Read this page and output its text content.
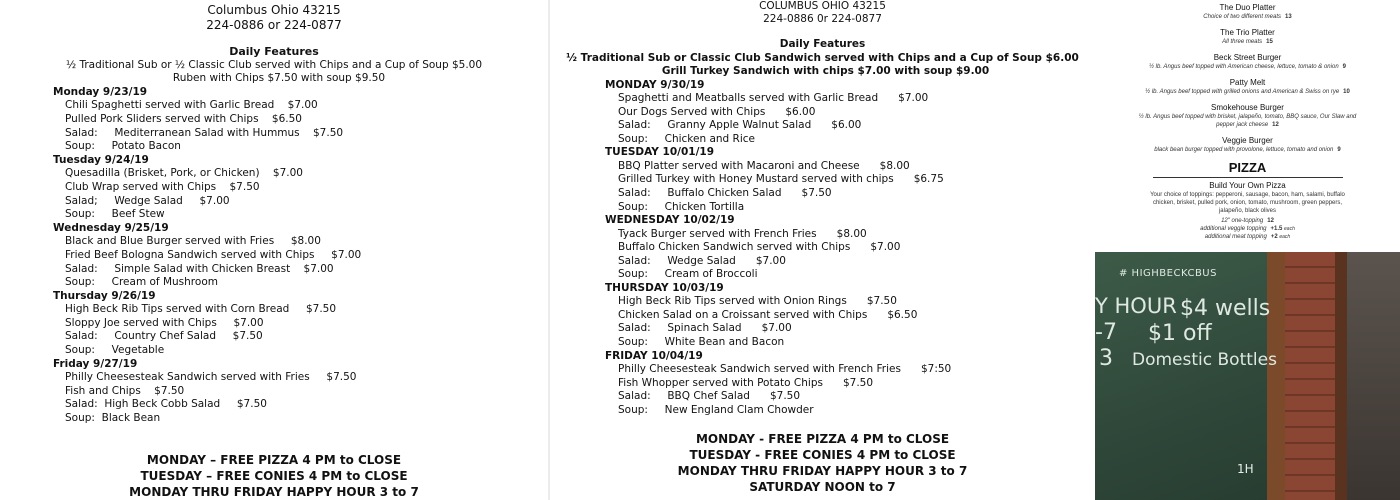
Columbus Ohio 43215
224-0886 or 224-0877
Daily Features
½ Traditional Sub or ½ Classic Club served with Chips and a Cup of Soup $5.00
Ruben with Chips $7.50 with soup $9.50
Monday 9/23/19
Chili Spaghetti served with Garlic Bread    $7.00
Pulled Pork Sliders served with Chips    $6.50
Salad:     Mediterranean Salad with Hummus    $7.50
Soup:     Potato Bacon
Tuesday 9/24/19
Quesadilla (Brisket, Pork, or Chicken)    $7.00
Club Wrap served with Chips    $7.50
Salad;     Wedge Salad     $7.00
Soup:     Beef Stew
Wednesday 9/25/19
Black and Blue Burger served with Fries     $8.00
Fried Beef Bologna Sandwich served with Chips     $7.00
Salad:     Simple Salad with Chicken Breast    $7.00
Soup:     Cream of Mushroom
Thursday 9/26/19
High Beck Rib Tips served with Corn Bread     $7.50
Sloppy Joe served with Chips     $7.00
Salad:     Country Chef Salad     $7.50
Soup:     Vegetable
Friday 9/27/19
Philly Cheesesteak Sandwich served with Fries     $7.50
Fish and Chips    $7.50
Salad:  High Beck Cobb Salad     $7.50
Soup:  Black Bean
MONDAY – FREE PIZZA 4 PM to CLOSE
TUESDAY – FREE CONIES 4 PM to CLOSE
MONDAY THRU FRIDAY HAPPY HOUR 3 to 7
COLUMBUS OHIO 43215
224-0886 0r 224-0877
Daily Features
½ Traditional Sub or Classic Club Sandwich served with Chips and a Cup of Soup $6.00
Grill Turkey Sandwich with chips $7.00 with soup $9.00
MONDAY 9/30/19
Spaghetti and Meatballs served with Garlic Bread      $7.00
Our Dogs Served with Chips      $6.00
Salad:     Granny Apple Walnut Salad      $6.00
Soup:     Chicken and Rice
TUESDAY 10/01/19
BBQ Platter served with Macaroni and Cheese      $8.00
Grilled Turkey with Honey Mustard served with chips      $6.75
Salad:     Buffalo Chicken Salad      $7.50
Soup:     Chicken Tortilla
WEDNESDAY 10/02/19
Tyack Burger served with French Fries      $8.00
Buffalo Chicken Sandwich served with Chips      $7.00
Salad:     Wedge Salad      $7.00
Soup:     Cream of Broccoli
THURSDAY 10/03/19
High Beck Rib Tips served with Onion Rings      $7.50
Chicken Salad on a Croissant served with Chips      $6.50
Salad:     Spinach Salad      $7.00
Soup:     White Bean and Bacon
FRIDAY 10/04/19
Philly Cheesesteak Sandwich served with French Fries      $7:50
Fish Whopper served with Potato Chips      $7.50
Salad:     BBQ Chef Salad      $7.50
Soup:     New England Clam Chowder
MONDAY - FREE PIZZA 4 PM to CLOSE
TUESDAY - FREE CONIES 4 PM to CLOSE
MONDAY THRU FRIDAY HAPPY HOUR 3 to 7
SATURDAY NOON to 7
The Duo Platter
Choice of two different meats 13
The Trio Platter
All three meats 15
Beck Street Burger
½ lb. Angus beef topped with American cheese, lettuce, tomato & onion 9
Patty Melt
½ lb. Angus beef topped with grilled onions and American & Swiss on rye 10
Smokehouse Burger
½ lb. Angus beef topped with brisket, jalapeño, tomato, BBQ sauce, Our Slaw and pepper jack cheese 12
Veggie Burger
black bean burger topped with provolone, lettuce, tomato and onion 9
PIZZA
Build Your Own Pizza
Your choice of toppings: pepperoni, sausage, bacon, ham, salami, buffalo chicken, brisket, pulled pork, onion, tomato, mushroom, green peppers, jalapeño, black olives
12" one-topping 12
additional veggie topping +1.5 each
additional meat topping +2 each
# HIGHBECKCBUS
Y HOUR $4 wells
-7 $1 off
3 Domestic Bottles
1H
